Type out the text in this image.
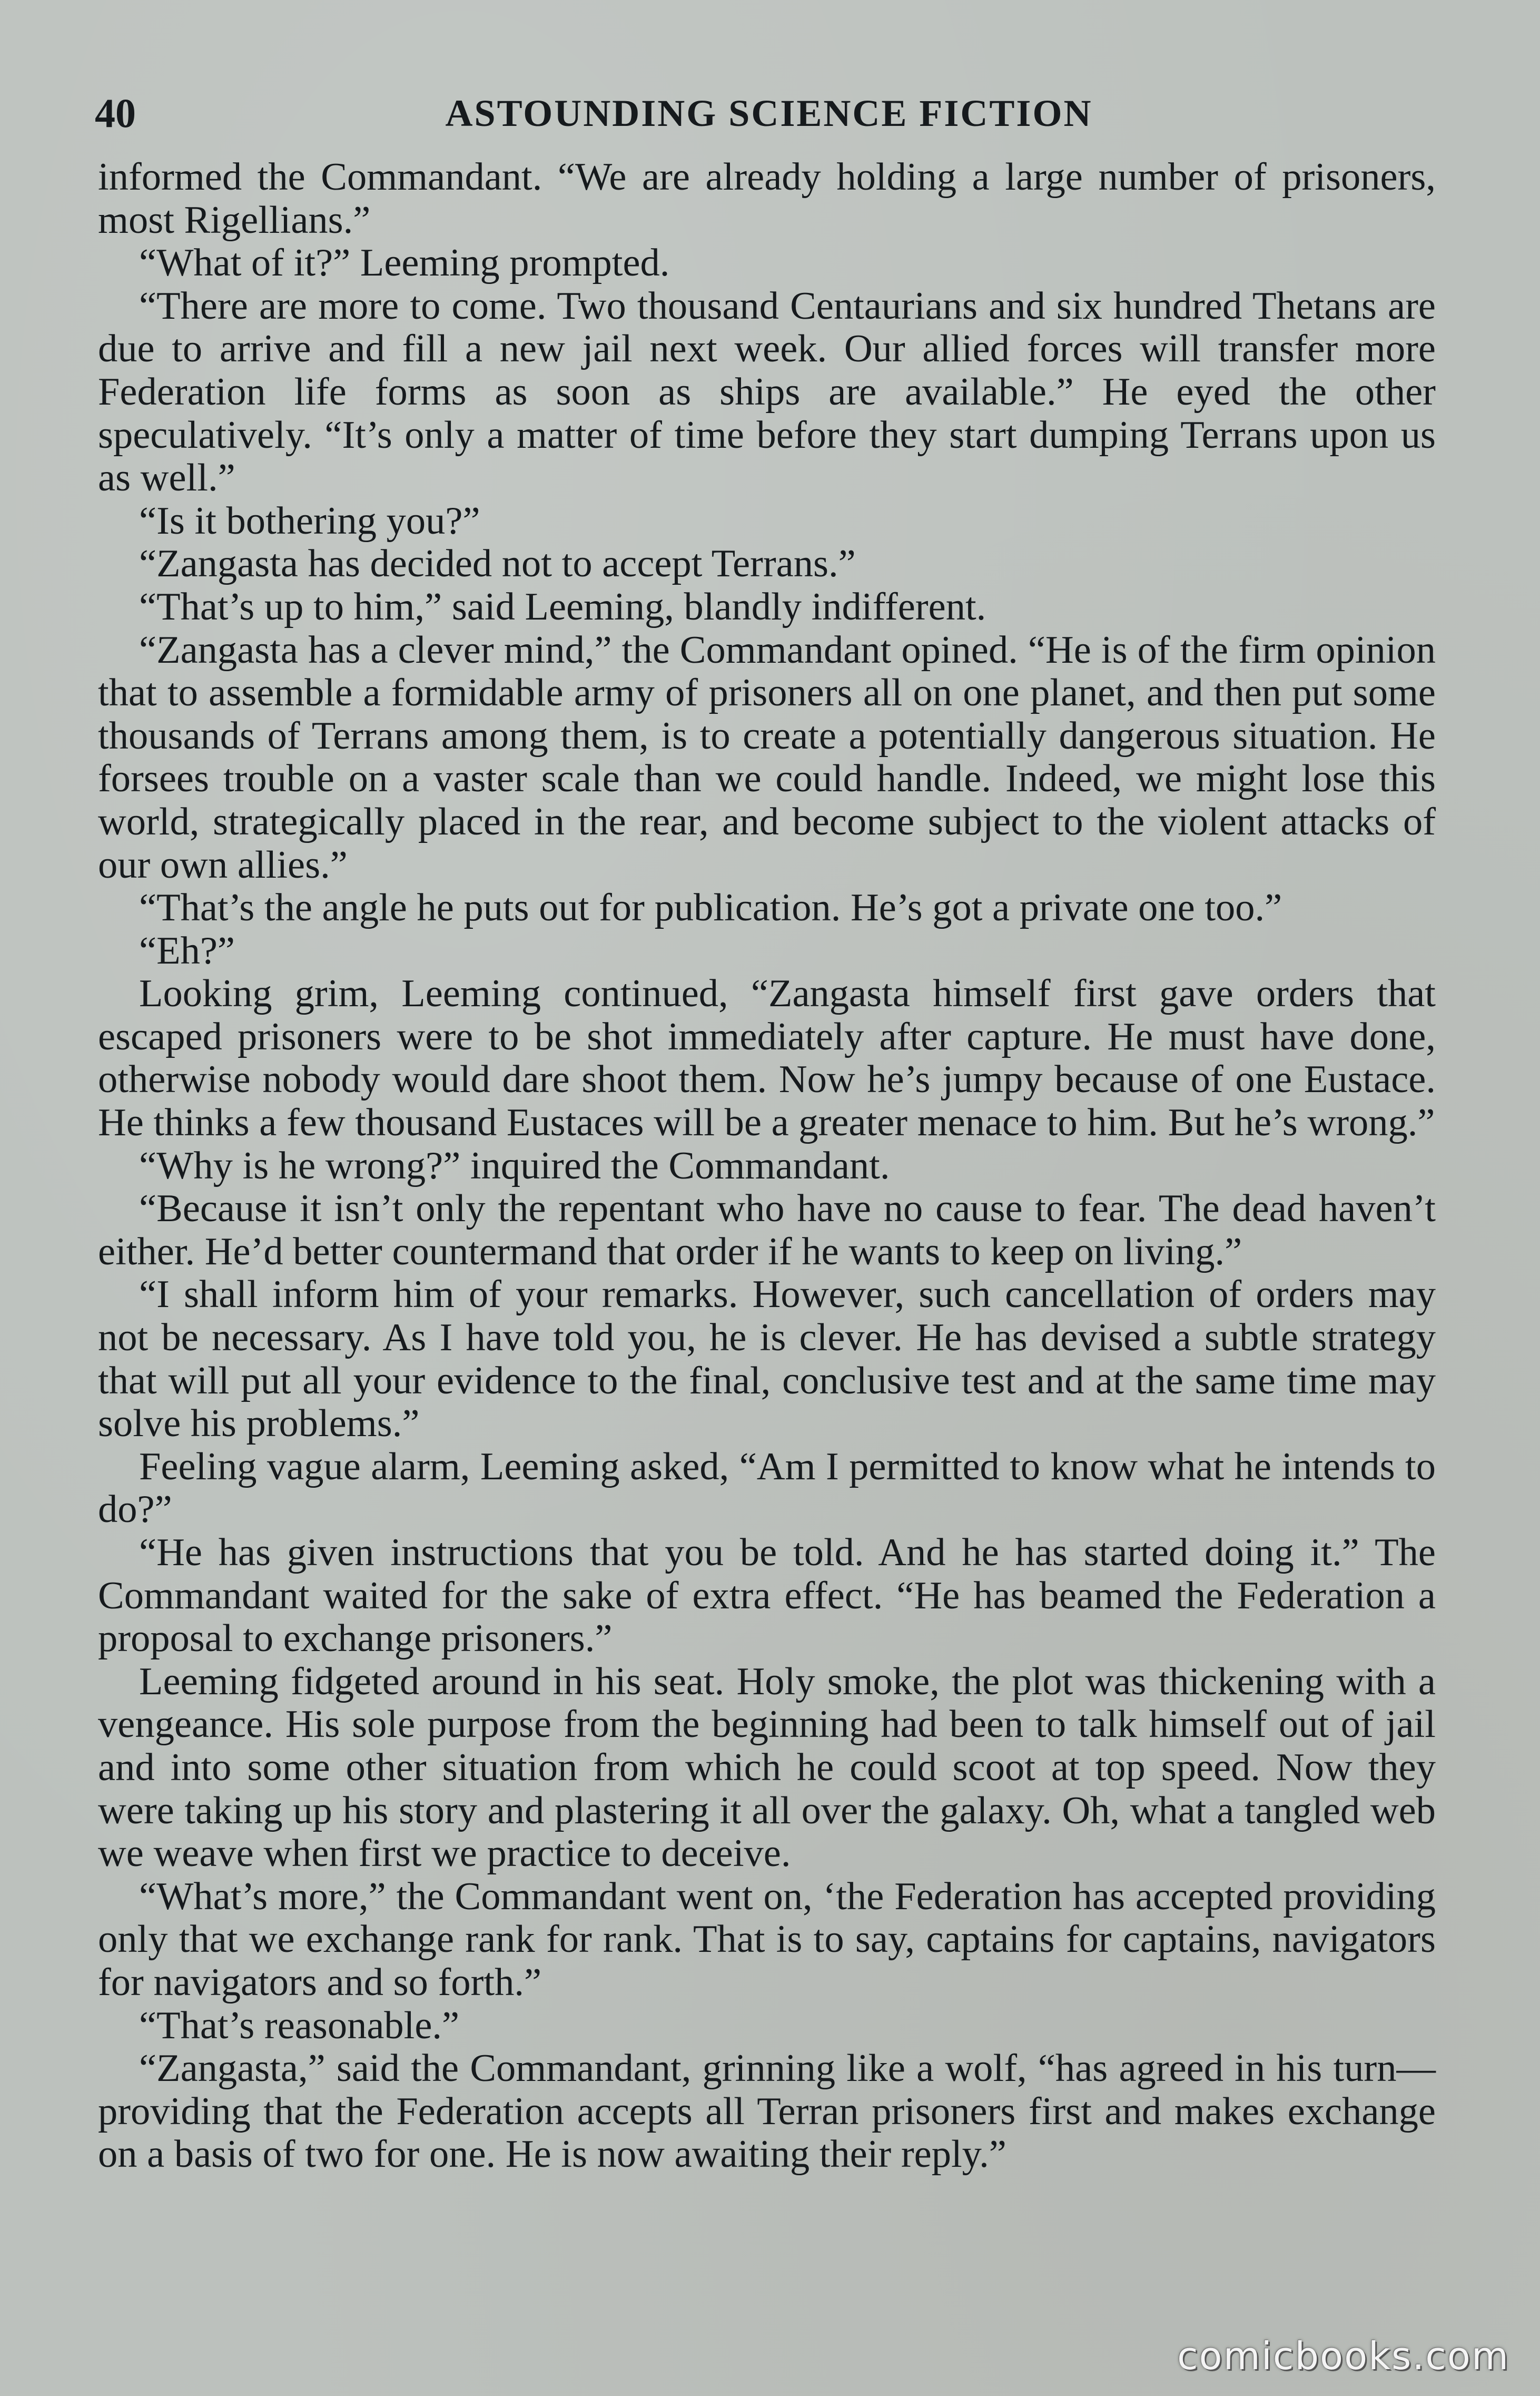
40	ASTOUNDING SCIENCE FICTION

informed the Commandant. “We are already holding a large number of prisoners, most Rigellians.”

“What of it?” Leeming prompted.

“There are more to come. Two thousand Centaurians and six hundred Thetans are due to arrive and fill a new jail next week. Our allied forces will transfer more Federation life forms as soon as ships are available.” He eyed the other speculatively. “It’s only a matter of time before they start dumping Terrans upon us as well.”

“Is it bothering you?”

“Zangasta has decided not to accept Terrans.”

“That’s up to him,” said Leeming, blandly indifferent.

“Zangasta has a clever mind,” the Commandant opined. “He is of the firm opinion that to assemble a formidable army of prisoners all on one planet, and then put some thousands of Terrans among them, is to create a potentially dangerous situation. He forsees trouble on a vaster scale than we could handle. Indeed, we might lose this world, strategically placed in the rear, and become subject to the violent attacks of our own allies.”

“That’s the angle he puts out for publication. He’s got a private one too.”

“Eh?”

Looking grim, Leeming continued, “Zangasta himself first gave orders that escaped prisoners were to be shot immediately after capture. He must have done, otherwise nobody would dare shoot them. Now he’s jumpy because of one Eustace. He thinks a few thousand Eustaces will be a greater menace to him. But he’s wrong.”

“Why is he wrong?” inquired the Commandant.

“Because it isn’t only the repentant who have no cause to fear. The dead haven’t either. He’d better countermand that order if he wants to keep on living.”

“I shall inform him of your remarks. However, such cancellation of orders may not be necessary. As I have told you, he is clever. He has devised a subtle strategy that will put all your evidence to the final, conclusive test and at the same time may solve his problems.”

Feeling vague alarm, Leeming asked, “Am I permitted to know what he intends to do?”

“He has given instructions that you be told. And he has started doing it.” The Commandant waited for the sake of extra effect. “He has beamed the Federation a proposal to exchange prisoners.”

Leeming fidgeted around in his seat. Holy smoke, the plot was thickening with a vengeance. His sole purpose from the beginning had been to talk himself out of jail and into some other situation from which he could scoot at top speed. Now they were taking up his story and plastering it all over the galaxy. Oh, what a tangled web we weave when first we practice to deceive.

“What’s more,” the Commandant went on, ‘the Federation has accepted providing only that we exchange rank for rank. That is to say, captains for captains, navigators for navigators and so forth.”

“That’s reasonable.”

“Zangasta,” said the Commandant, grinning like a wolf, “has agreed in his turn—providing that the Federation accepts all Terran prisoners first and makes exchange on a basis of two for one. He is now awaiting their reply.”

comicbooks.com
